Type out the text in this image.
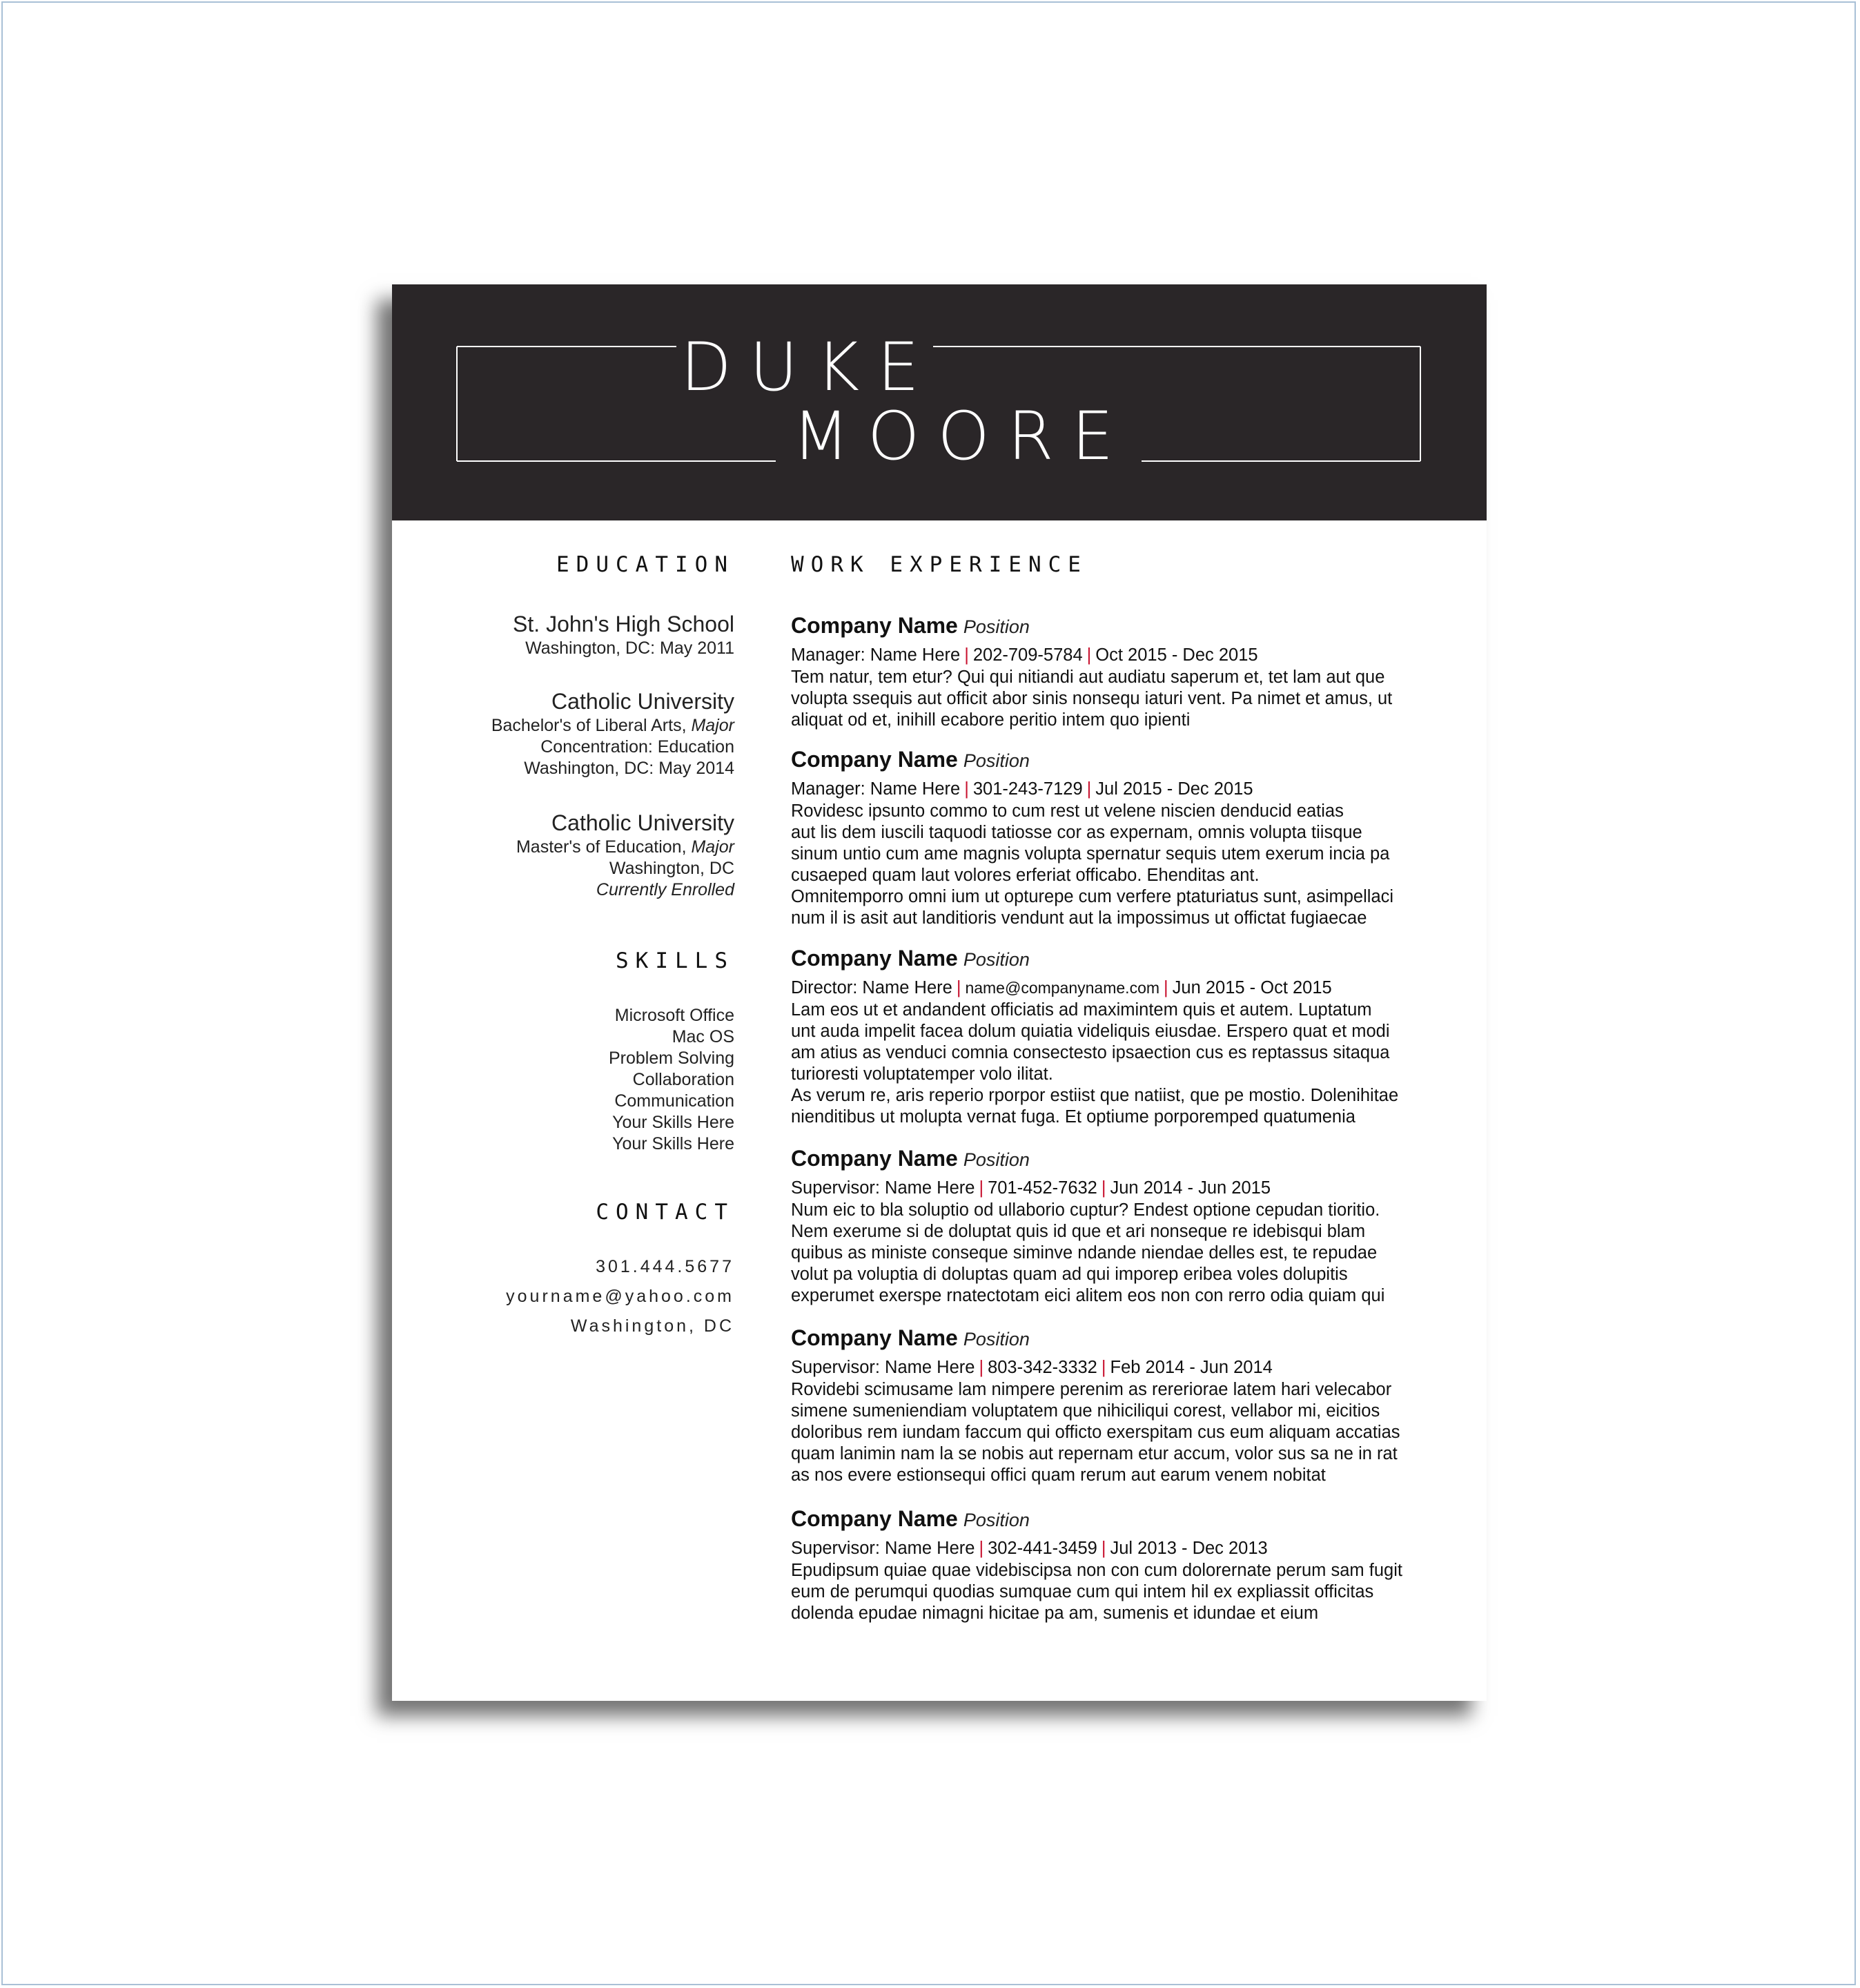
DUKE
MOORE
EDUCATION
St. John's High School
Washington, DC: May 2011
Catholic University
Bachelor's of Liberal Arts, Major
Concentration: Education
Washington, DC: May 2014
Catholic University
Master's of Education, Major
Washington, DC
Currently Enrolled
SKILLS
Microsoft Office
Mac OS
Problem Solving
Collaboration
Communication
Your Skills Here
Your Skills Here
CONTACT
301.444.5677
yourname@yahoo.com
Washington, DC
WORK EXPERIENCE
Company Name Position
Manager: Name Here | 202-709-5784 | Oct 2015 - Dec 2015
Tem natur, tem etur? Qui qui nitiandi aut audiatu saperum et, tet lam aut que
volupta ssequis aut officit abor sinis nonsequ iaturi vent. Pa nimet et amus, ut
aliquat od et, inihill ecabore peritio intem quo ipienti
Company Name Position
Manager: Name Here | 301-243-7129 | Jul 2015 - Dec 2015
Rovidesc ipsunto commo to cum rest ut velene niscien denducid eatias
aut lis dem iuscili taquodi tatiosse cor as expernam, omnis volupta tiisque
sinum untio cum ame magnis volupta spernatur sequis utem exerum incia pa
cusaeped quam laut volores erferiat officabo. Ehenditas ant.
Omnitemporro omni ium ut opturepe cum verfere ptaturiatus sunt, asimpellaci
num il is asit aut landitioris vendunt aut la impossimus ut offictat fugiaecae
Company Name Position
Director: Name Here | name@companyname.com | Jun 2015 - Oct 2015
Lam eos ut et andandent officiatis ad maximintem quis et autem. Luptatum
unt auda impelit facea dolum quiatia videliquis eiusdae. Erspero quat et modi
am atius as venduci comnia consectesto ipsaection cus es reptassus sitaqua
turioresti voluptatemper volo ilitat.
As verum re, aris reperio rporpor estiist que natiist, que pe mostio. Dolenihitae
nienditibus ut molupta vernat fuga. Et optiume porporemped quatumenia
Company Name Position
Supervisor: Name Here | 701-452-7632 | Jun 2014 - Jun 2015
Num eic to bla soluptio od ullaborio cuptur? Endest optione cepudan tioritio.
Nem exerume si de doluptat quis id que et ari nonseque re idebisqui blam
quibus as ministe conseque siminve ndande niendae delles est, te repudae
volut pa voluptia di doluptas quam ad qui imporep eribea voles dolupitis
experumet exerspe rnatectotam eici alitem eos non con rerro odia quiam qui
Company Name Position
Supervisor: Name Here | 803-342-3332 | Feb 2014 - Jun 2014
Rovidebi scimusame lam nimpere perenim as rereriorae latem hari velecabor
simene sumeniendiam voluptatem que nihiciliqui corest, vellabor mi, eicitios
doloribus rem iundam faccum qui officto exerspitam cus eum aliquam accatias
quam lanimin nam la se nobis aut repernam etur accum, volor sus sa ne in rat
as nos evere estionsequi offici quam rerum aut earum venem nobitat
Company Name Position
Supervisor: Name Here | 302-441-3459 | Jul 2013 - Dec 2013
Epudipsum quiae quae videbiscipsa non con cum dolorernate perum sam fugit
eum de perumqui quodias sumquae cum qui intem hil ex expliassit officitas
dolenda epudae nimagni hicitae pa am, sumenis et idundae et eium
